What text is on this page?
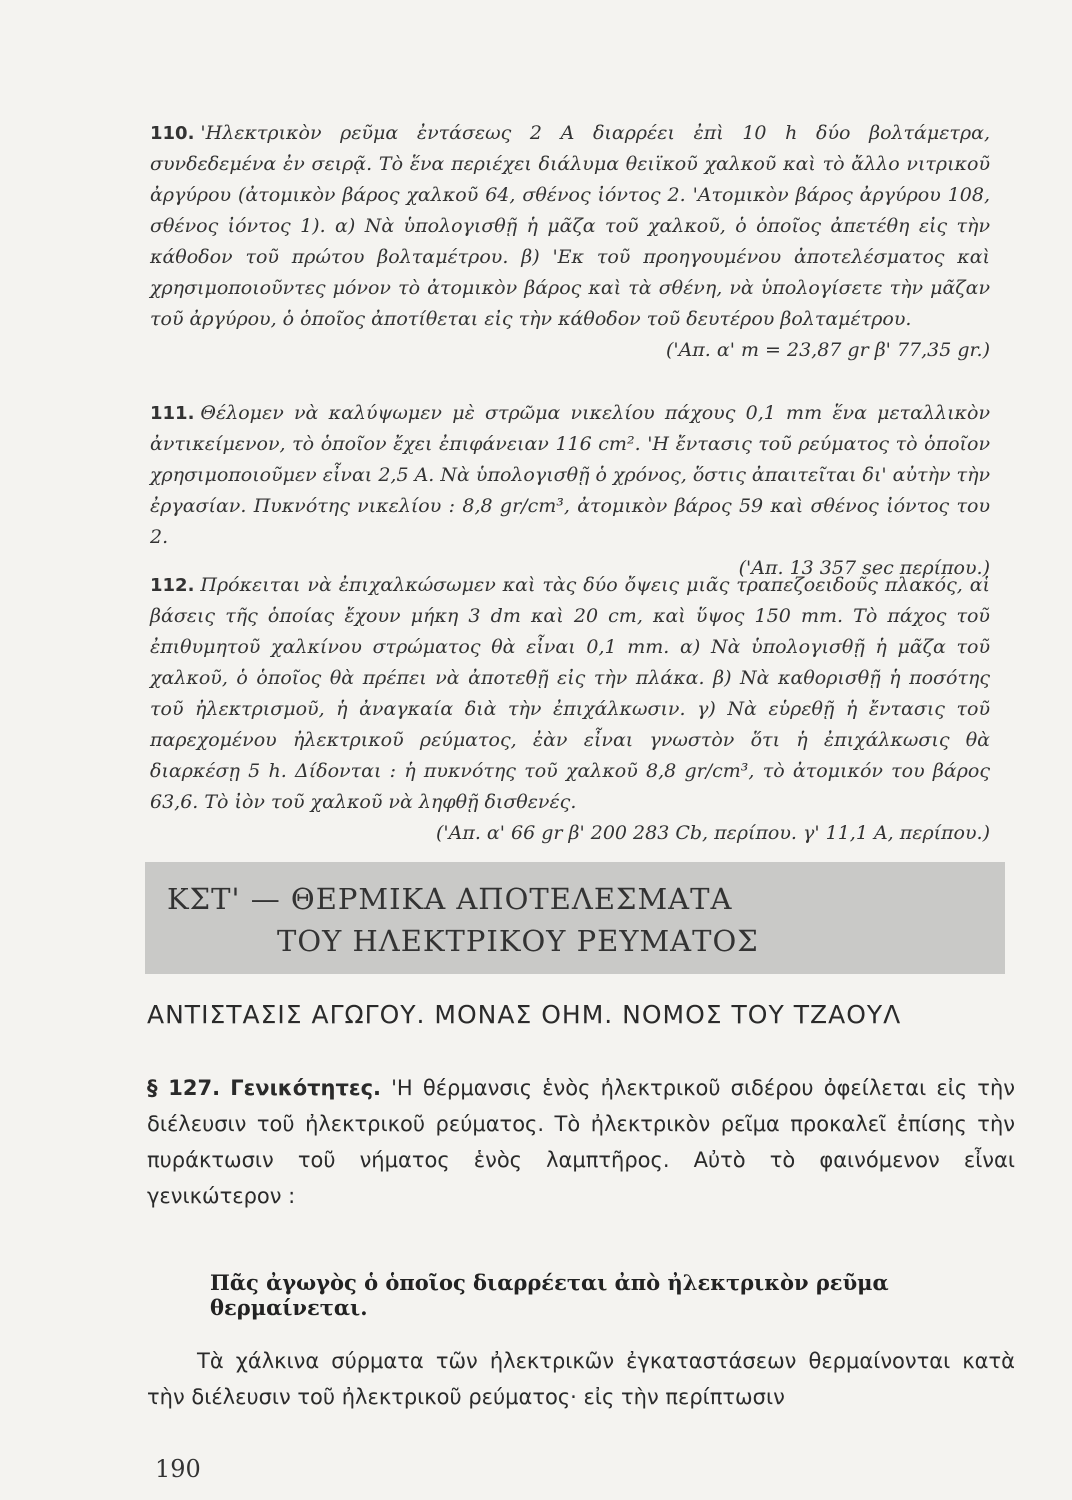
110. 'Ηλεκτρικὸν ρεῦμα ἐντάσεως 2 A διαρρέει ἐπὶ 10 h δύο βολτάμετρα, συνδεδεμένα ἐν σειρᾷ. Τὸ ἕνα περιέχει διάλυμα θειϊκοῦ χαλκοῦ καὶ τὸ ἄλλο νιτρικοῦ ἀργύρου (ἀτομικὸν βάρος χαλκοῦ 64, σθένος ἰόντος 2. 'Ατομικὸν βάρος ἀργύρου 108, σθένος ἰόντος 1). α) Νὰ ὑπολογισθῇ ἡ μᾶζα τοῦ χαλκοῦ, ὁ ὁποῖος ἀπετέθη εἰς τὴν κάθοδον τοῦ πρώτου βολταμέτρου. β) 'Εκ τοῦ προηγουμένου ἀποτελέσματος καὶ χρησιμοποιοῦντες μόνον τὸ ἀτομικὸν βάρος καὶ τὰ σθένη, νὰ ὑπολογίσετε τὴν μᾶζαν τοῦ ἀργύρου, ὁ ὁποῖος ἀποτίθεται εἰς τὴν κάθοδον τοῦ δευτέρου βολταμέτρου.
('Απ. α' m = 23,87 gr β' 77,35 gr.)
111. Θέλομεν νὰ καλύψωμεν μὲ στρῶμα νικελίου πάχους 0,1 mm ἕνα μεταλλικὸν ἀντικείμενον, τὸ ὁποῖον ἔχει ἐπιφάνειαν 116 cm². 'Η ἔντασις τοῦ ρεύματος τὸ ὁποῖον χρησιμοποιοῦμεν εἶναι 2,5 A. Νὰ ὑπολογισθῇ ὁ χρόνος, ὅστις ἀπαιτεῖται δι' αὐτὴν τὴν ἐργασίαν. Πυκνότης νικελίου : 8,8 gr/cm³, ἀτομικὸν βάρος 59 καὶ σθένος ἰόντος του 2.
('Απ. 13 357 sec περίπου.)
112. Πρόκειται νὰ ἐπιχαλκώσωμεν καὶ τὰς δύο ὄψεις μιᾶς τραπεζοειδοῦς πλακός, αἱ βάσεις τῆς ὁποίας ἔχουν μήκη 3 dm καὶ 20 cm, καὶ ὕψος 150 mm. Τὸ πάχος τοῦ ἐπιθυμητοῦ χαλκίνου στρώματος θὰ εἶναι 0,1 mm. α) Νὰ ὑπολογισθῇ ἡ μᾶζα τοῦ χαλκοῦ, ὁ ὁποῖος θὰ πρέπει νὰ ἀποτεθῇ εἰς τὴν πλάκα. β) Νὰ καθορισθῇ ἡ ποσότης τοῦ ἠλεκτρισμοῦ, ἡ ἀναγκαία διὰ τὴν ἐπιχάλκωσιν. γ) Νὰ εὑρεθῇ ἡ ἔντασις τοῦ παρεχομένου ἠλεκτρικοῦ ρεύματος, ἐὰν εἶναι γνωστὸν ὅτι ἡ ἐπιχάλκωσις θὰ διαρκέσῃ 5 h. Δίδονται : ἡ πυκνότης τοῦ χαλκοῦ 8,8 gr/cm³, τὸ ἀτομικόν του βάρος 63,6. Τὸ ἰὸν τοῦ χαλκοῦ νὰ ληφθῇ δισθενές.
('Απ. α' 66 gr β' 200 283 Cb, περίπου. γ' 11,1 A, περίπου.)
ΚΣΤ' — ΘΕΡΜΙΚΑ ΑΠΟΤΕΛΕΣΜΑΤΑ
ΤΟΥ ΗΛΕΚΤΡΙΚΟΥ ΡΕΥΜΑΤΟΣ
ΑΝΤΙΣΤΑΣΙΣ ΑΓΩΓΟΥ. ΜΟΝΑΣ ΟΗΜ. ΝΟΜΟΣ ΤΟΥ ΤΖΑΟΥΛ
§ 127. Γενικότητες. 'Η θέρμανσις ἑνὸς ἠλεκτρικοῦ σιδέρου ὀφείλεται εἰς τὴν διέλευσιν τοῦ ἠλεκτρικοῦ ρεύματος. Τὸ ἠλεκτρικὸν ρεῖμα προκαλεῖ ἐπίσης τὴν πυράκτωσιν τοῦ νήματος ἑνὸς λαμπτῆρος. Αὐτὸ τὸ φαινόμενον εἶναι γενικώτερον :
Πᾶς ἀγωγὸς ὁ ὁποῖος διαρρέεται ἀπὸ ἠλεκτρικὸν ρεῦμα θερμαίνεται.
Τὰ χάλκινα σύρματα τῶν ἠλεκτρικῶν ἐγκαταστάσεων θερμαίνονται κατὰ τὴν διέλευσιν τοῦ ἠλεκτρικοῦ ρεύματος· εἰς τὴν περίπτωσιν
190
